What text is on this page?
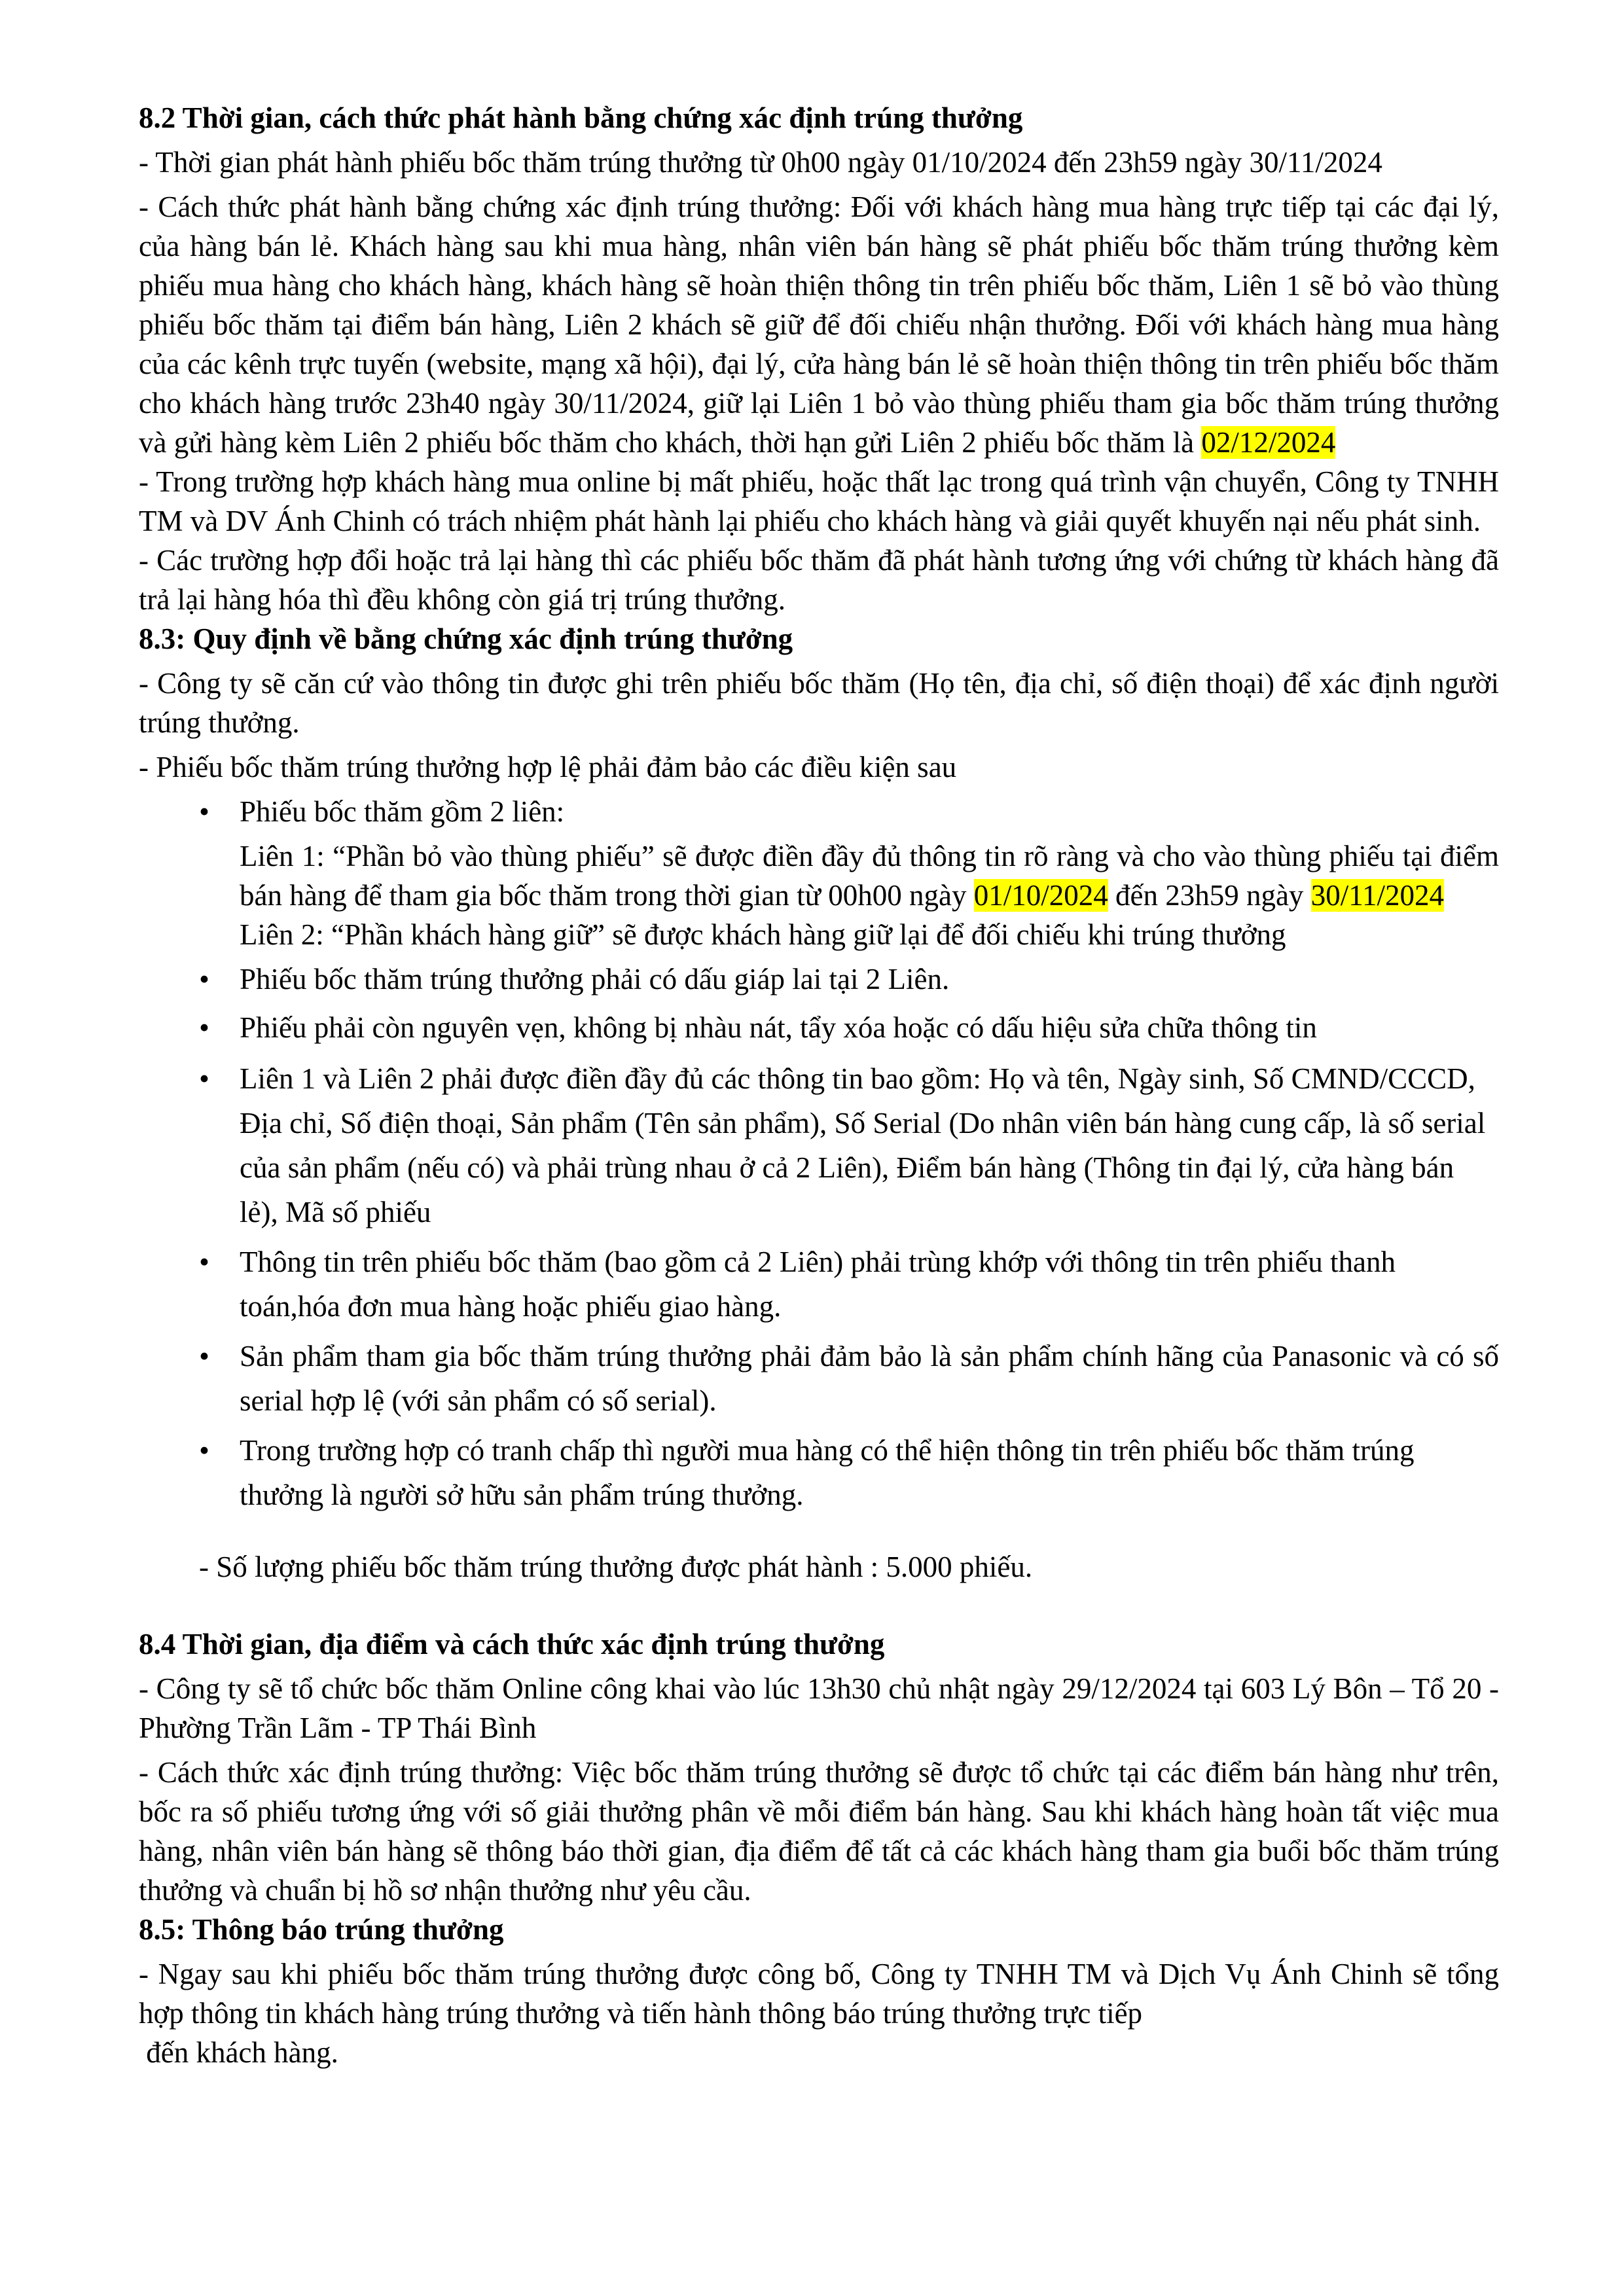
8.2 Thời gian, cách thức phát hành bằng chứng xác định trúng thưởng
- Thời gian phát hành phiếu bốc thăm trúng thưởng từ 0h00 ngày 01/10/2024 đến 23h59 ngày 30/11/2024
- Cách thức phát hành bằng chứng xác định trúng thưởng: Đối với khách hàng mua hàng trực tiếp tại các đại lý, của hàng bán lẻ. Khách hàng sau khi mua hàng, nhân viên bán hàng sẽ phát phiếu bốc thăm trúng thưởng kèm phiếu mua hàng cho khách hàng, khách hàng sẽ hoàn thiện thông tin trên phiếu bốc thăm, Liên 1 sẽ bỏ vào thùng phiếu bốc thăm tại điểm bán hàng, Liên 2 khách sẽ giữ để đối chiếu nhận thưởng. Đối với khách hàng mua hàng của các kênh trực tuyến (website, mạng xã hội), đại lý, cửa hàng bán lẻ sẽ hoàn thiện thông tin trên phiếu bốc thăm cho khách hàng trước 23h40 ngày 30/11/2024, giữ lại Liên 1 bỏ vào thùng phiếu tham gia bốc thăm trúng thưởng và gửi hàng kèm Liên 2 phiếu bốc thăm cho khách, thời hạn gửi Liên 2 phiếu bốc thăm là 02/12/2024
- Trong trường hợp khách hàng mua online bị mất phiếu, hoặc thất lạc trong quá trình vận chuyển, Công ty TNHH TM và DV Ánh Chinh có trách nhiệm phát hành lại phiếu cho khách hàng và giải quyết khuyến nại nếu phát sinh.
- Các trường hợp đổi hoặc trả lại hàng thì các phiếu bốc thăm đã phát hành tương ứng với chứng từ khách hàng đã trả lại hàng hóa thì đều không còn giá trị trúng thưởng.
8.3: Quy định về bằng chứng xác định trúng thưởng
- Công ty sẽ căn cứ vào thông tin được ghi trên phiếu bốc thăm (Họ tên, địa chỉ, số điện thoại) để xác định người trúng thưởng.
- Phiếu bốc thăm trúng thưởng hợp lệ phải đảm bảo các điều kiện sau
• Phiếu bốc thăm gồm 2 liên:
Liên 1: “Phần bỏ vào thùng phiếu” sẽ được điền đầy đủ thông tin rõ ràng và cho vào thùng phiếu tại điểm bán hàng để tham gia bốc thăm trong thời gian từ 00h00 ngày 01/10/2024 đến 23h59 ngày 30/11/2024
Liên 2: “Phần khách hàng giữ” sẽ được khách hàng giữ lại để đối chiếu khi trúng thưởng
• Phiếu bốc thăm trúng thưởng phải có dấu giáp lai tại 2 Liên.
• Phiếu phải còn nguyên vẹn, không bị nhàu nát, tẩy xóa hoặc có dấu hiệu sửa chữa thông tin
• Liên 1 và Liên 2 phải được điền đầy đủ các thông tin bao gồm: Họ và tên, Ngày sinh, Số CMND/CCCD, Địa chỉ, Số điện thoại, Sản phẩm (Tên sản phẩm), Số Serial (Do nhân viên bán hàng cung cấp, là số serial của sản phẩm (nếu có) và phải trùng nhau ở cả 2 Liên), Điểm bán hàng (Thông tin đại lý, cửa hàng bán lẻ), Mã số phiếu
• Thông tin trên phiếu bốc thăm (bao gồm cả 2 Liên) phải trùng khớp với thông tin trên phiếu thanh toán,hóa đơn mua hàng hoặc phiếu giao hàng.
• Sản phẩm tham gia bốc thăm trúng thưởng phải đảm bảo là sản phẩm chính hãng của Panasonic và có số serial hợp lệ (với sản phẩm có số serial).
• Trong trường hợp có tranh chấp thì người mua hàng có thể hiện thông tin trên phiếu bốc thăm trúng thưởng là người sở hữu sản phẩm trúng thưởng.
- Số lượng phiếu bốc thăm trúng thưởng được phát hành : 5.000 phiếu.
8.4 Thời gian, địa điểm và cách thức xác định trúng thưởng
- Công ty sẽ tổ chức bốc thăm Online công khai vào lúc 13h30 chủ nhật ngày 29/12/2024 tại 603 Lý Bôn – Tổ 20 - Phường Trần Lãm - TP Thái Bình
- Cách thức xác định trúng thưởng: Việc bốc thăm trúng thưởng sẽ được tổ chức tại các điểm bán hàng như trên, bốc ra số phiếu tương ứng với số giải thưởng phân về mỗi điểm bán hàng. Sau khi khách hàng hoàn tất việc mua hàng, nhân viên bán hàng sẽ thông báo thời gian, địa điểm để tất cả các khách hàng tham gia buổi bốc thăm trúng thưởng và chuẩn bị hồ sơ nhận thưởng như yêu cầu.
8.5: Thông báo trúng thưởng
- Ngay sau khi phiếu bốc thăm trúng thưởng được công bố, Công ty TNHH TM và Dịch Vụ Ánh Chinh sẽ tổng hợp thông tin khách hàng trúng thưởng và tiến hành thông báo trúng thưởng trực tiếp
đến khách hàng.
